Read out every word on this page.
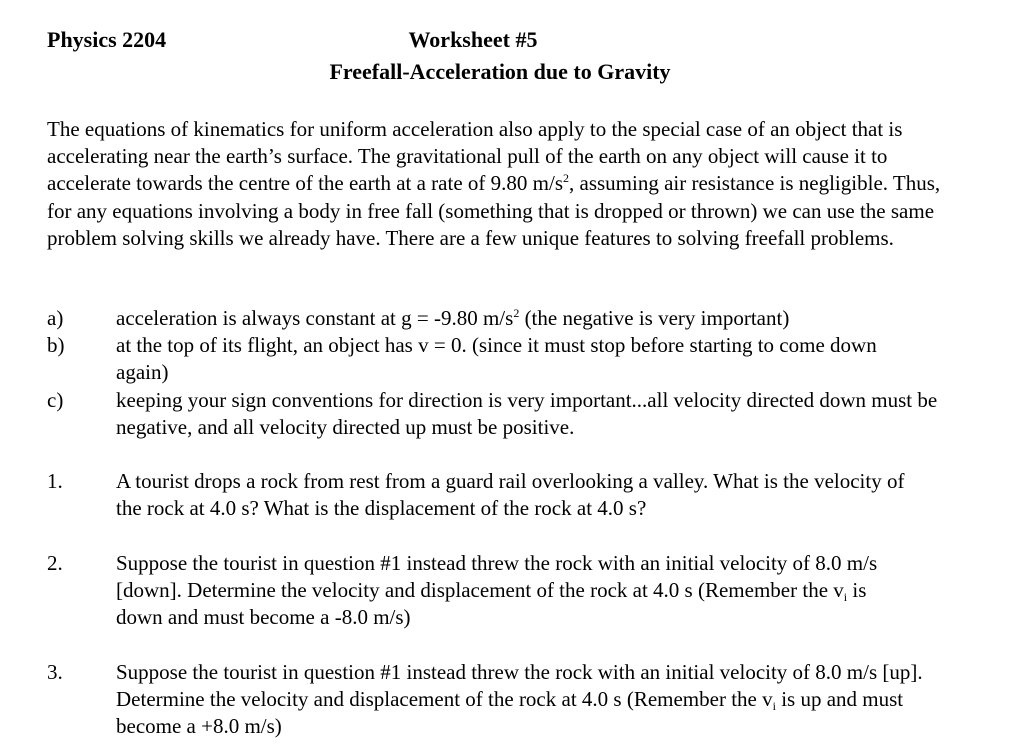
Physics 2204	Worksheet #5
Freefall-Acceleration due to Gravity
The equations of kinematics for uniform acceleration also apply to the special case of an object that is accelerating near the earth’s surface. The gravitational pull of the earth on any object will cause it to accelerate towards the centre of the earth at a rate of 9.80 $m/s^2$, assuming air resistance is negligible. Thus, for any equations involving a body in free fall (something that is dropped or thrown) we can use the same problem solving skills we already have. There are a few unique features to solving freefall problems.
a)	acceleration is always constant at g = -9.80 $m/s^2$ (the negative is very important)
b)	at the top of its flight, an object has v = 0. (since it must stop before starting to come down again)
c)	keeping your sign conventions for direction is very important...all velocity directed down must be negative, and all velocity directed up must be positive.
1.	A tourist drops a rock from rest from a guard rail overlooking a valley. What is the velocity of the rock at 4.0 s? What is the displacement of the rock at 4.0 s?
2.	Suppose the tourist in question #1 instead threw the rock with an initial velocity of 8.0 m/s [down]. Determine the velocity and displacement of the rock at 4.0 s (Remember the $v_i$ is down and must become a -8.0 m/s)
3.	Suppose the tourist in question #1 instead threw the rock with an initial velocity of 8.0 m/s [up]. Determine the velocity and displacement of the rock at 4.0 s (Remember the $v_i$ is up and must become a +8.0 m/s)
